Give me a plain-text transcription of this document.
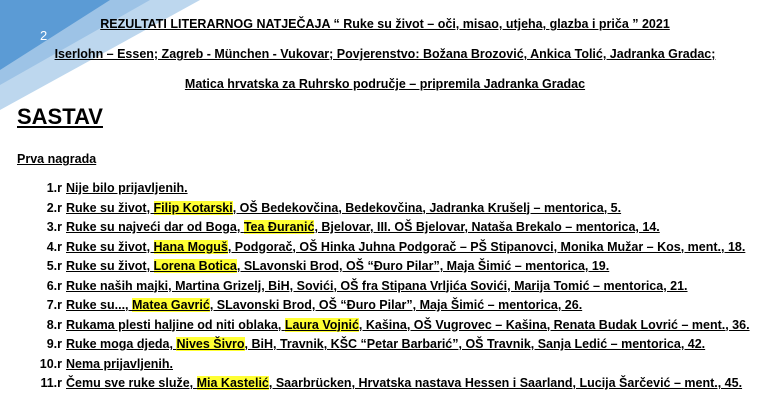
2
REZULTATI LITERARNOG NATJEČAJA “ Ruke su život – oči, misao, utjeha, glazba i priča ” 2021
Iserlohn – Essen; Zagreb - München - Vukovar; Povjerenstvo: Božana Brozović, Ankica Tolić, Jadranka Gradac;
Matica hrvatska za Ruhrsko područje – pripremila Jadranka Gradac
SASTAV
Prva nagrada
1.r Nije bilo prijavljenih.
2.r Ruke su život, Filip Kotarski, OŠ Bedekovčina, Bedekovčina, Jadranka Krušelj – mentorica, 5.
3.r Ruke su najveći dar od Boga, Tea Đuranić, Bjelovar, III. OŠ Bjelovar, Nataša Brekalo – mentorica, 14.
4.r Ruke su život, Hana Moguš, Podgorač, OŠ Hinka Juhna Podgorač – PŠ Stipanovci, Monika Mužar – Kos, ment., 18.
5.r Ruke su život, Lorena Botica, SLavonski Brod, OŠ “Đuro Pilar”, Maja Šimić – mentorica, 19.
6.r Ruke naših majki, Martina Grizelj, BiH, Sovići, OŠ fra Stipana Vrljića Sovići, Marija Tomić – mentorica, 21.
7.r Ruke su..., Matea Gavrić, SLavonski Brod, OŠ “Đuro Pilar”, Maja Šimić – mentorica, 26.
8.r Rukama plesti haljine od niti oblaka, Laura Vojnić, Kašina, OŠ Vugrovec – Kašina, Renata Budak Lovrić – ment., 36.
9.r Ruke moga djeda, Nives Šivro, BiH, Travnik, KŠC “Petar Barbarić”, OŠ Travnik, Sanja Ledić – mentorica, 42.
10.r Nema prijavljenih.
11.r Čemu sve ruke služe, Mia Kastelić, Saarbrücken, Hrvatska nastava Hessen i Saarland, Lucija Šarčević – ment., 45.
